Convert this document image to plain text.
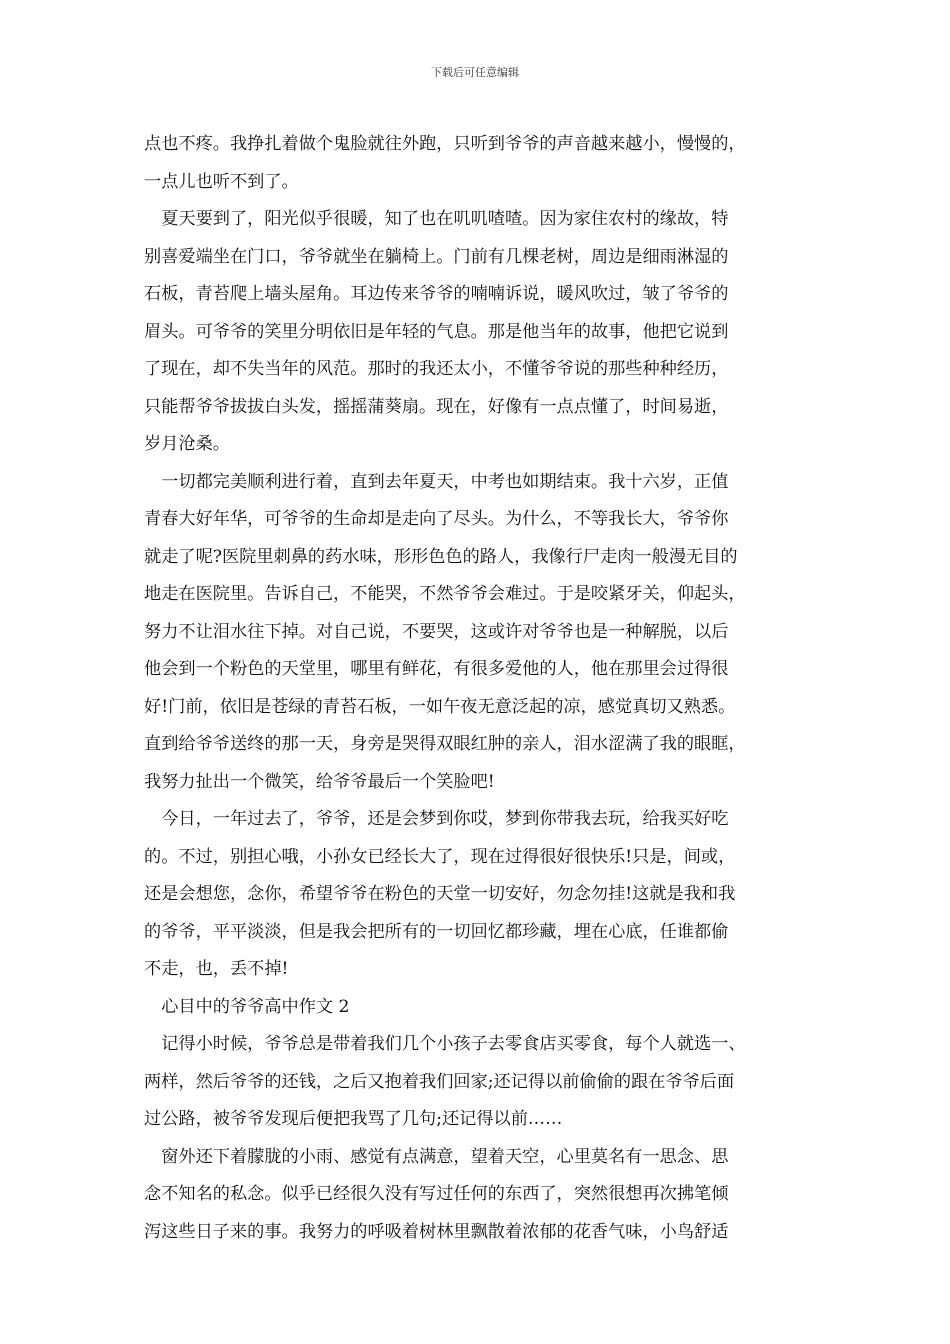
下载后可任意编辑
点也不疼。我挣扎着做个鬼脸就往外跑，只听到爷爷的声音越来越小，慢慢的，
一点儿也听不到了。
　夏天要到了，阳光似乎很暖，知了也在叽叽喳喳。因为家住农村的缘故，特
别喜爱端坐在门口，爷爷就坐在躺椅上。门前有几棵老树，周边是细雨淋湿的
石板，青苔爬上墙头屋角。耳边传来爷爷的喃喃诉说，暖风吹过，皱了爷爷的
眉头。可爷爷的笑里分明依旧是年轻的气息。那是他当年的故事，他把它说到
了现在，却不失当年的风范。那时的我还太小，不懂爷爷说的那些种种经历，
只能帮爷爷拔拔白头发，摇摇蒲葵扇。现在，好像有一点点懂了，时间易逝，
岁月沧桑。
　一切都完美顺利进行着，直到去年夏天，中考也如期结束。我十六岁，正值
青春大好年华，可爷爷的生命却是走向了尽头。为什么，不等我长大，爷爷你
就走了呢?医院里刺鼻的药水味，形形色色的路人，我像行尸走肉一般漫无目的
地走在医院里。告诉自己，不能哭，不然爷爷会难过。于是咬紧牙关，仰起头，
努力不让泪水往下掉。对自己说，不要哭，这或许对爷爷也是一种解脱，以后
他会到一个粉色的天堂里，哪里有鲜花，有很多爱他的人，他在那里会过得很
好!门前，依旧是苍绿的青苔石板，一如午夜无意泛起的凉，感觉真切又熟悉。
直到给爷爷送终的那一天，身旁是哭得双眼红肿的亲人，泪水涩满了我的眼眶，
我努力扯出一个微笑，给爷爷最后一个笑脸吧!
　今日，一年过去了，爷爷，还是会梦到你哎，梦到你带我去玩，给我买好吃
的。不过，别担心哦，小孙女已经长大了，现在过得很好很快乐!只是，间或，
还是会想您，念你，希望爷爷在粉色的天堂一切安好，勿念勿挂!这就是我和我
的爷爷，平平淡淡，但是我会把所有的一切回忆都珍藏，埋在心底，任谁都偷
不走，也，丢不掉!
　心目中的爷爷高中作文 2
　记得小时候，爷爷总是带着我们几个小孩子去零食店买零食，每个人就选一、
两样，然后爷爷的还钱，之后又抱着我们回家;还记得以前偷偷的跟在爷爷后面
过公路，被爷爷发现后便把我骂了几句;还记得以前……
　窗外还下着朦胧的小雨、感觉有点满意，望着天空，心里莫名有一思念、思
念不知名的私念。似乎已经很久没有写过任何的东西了，突然很想再次拂笔倾
泻这些日子来的事。我努力的呼吸着树林里飘散着浓郁的花香气味，小鸟舒适
